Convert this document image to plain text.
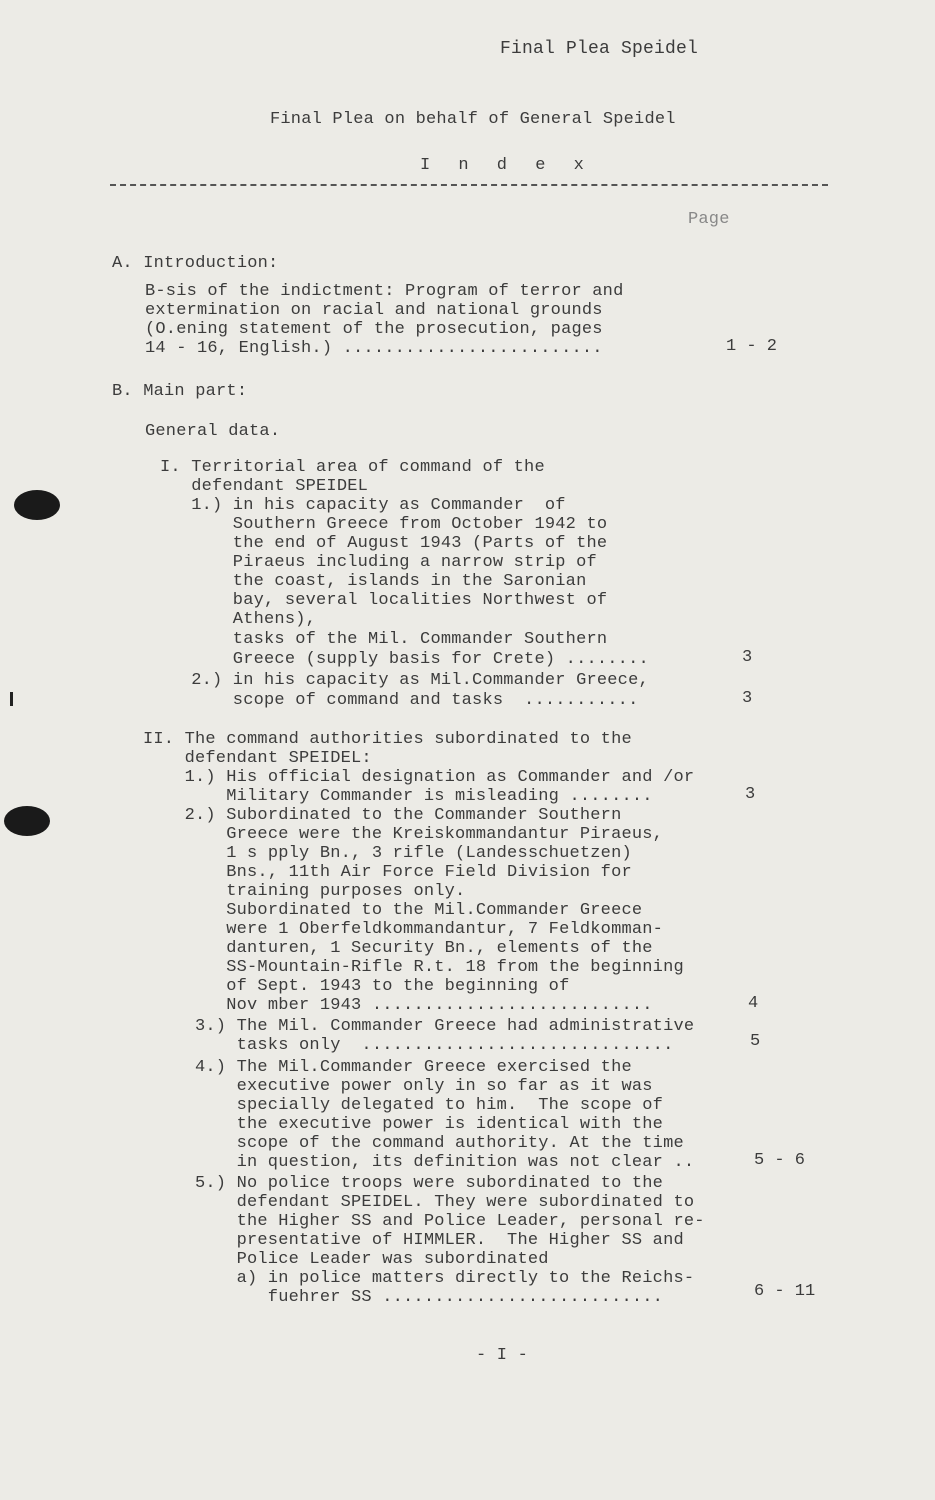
Final Plea Speidel
Final Plea on behalf of General Speidel
I n d e x
Page
A. Introduction:
B-sis of the indictment: Program of terror and
extermination on racial and national grounds
(O.ening statement of the prosecution, pages
14 - 16, English.) .........................	1 - 2
B. Main part:
General data.
I. Territorial area of command of the
defendant SPEIDEL
1.) in his capacity as Commander  of
Southern Greece from October 1942 to
the end of August 1943 (Parts of the
Piraeus including a narrow strip of
the coast, islands in the Saronian
bay, several localities Northwest of
Athens),
tasks of the Mil. Commander Southern
Greece (supply basis for Crete) ........	3
2.) in his capacity as Mil.Commander Greece,
scope of command and tasks  ...........	3
II. The command authorities subordinated to the
defendant SPEIDEL:
1.) His official designation as Commander and /or
Military Commander is misleading ........	3
2.) Subordinated to the Commander Southern
Greece were the Kreiskommandantur Piraeus,
1 s pply Bn., 3 rifle (Landesschuetzen)
Bns., 11th Air Force Field Division for
training purposes only.
Subordinated to the Mil.Commander Greece
were 1 Oberfeldkommandantur, 7 Feldkomman-
danturen, 1 Security Bn., elements of the
SS-Mountain-Rifle R.t. 18 from the beginning
of Sept. 1943 to the beginning of
Nov mber 1943 ...........................	4
3.) The Mil. Commander Greece had administrative
tasks only  ..............................	5
4.) The Mil.Commander Greece exercised the
executive power only in so far as it was
specially delegated to him.  The scope of
the executive power is identical with the
scope of the command authority. At the time
in question, its definition was not clear ..	5 - 6
5.) No police troops were subordinated to the
defendant SPEIDEL. They were subordinated to
the Higher SS and Police Leader, personal re-
presentative of HIMMLER.  The Higher SS and
Police Leader was subordinated
a) in police matters directly to the Reichs-
fuehrer SS ...........................	6 - 11
- I -
